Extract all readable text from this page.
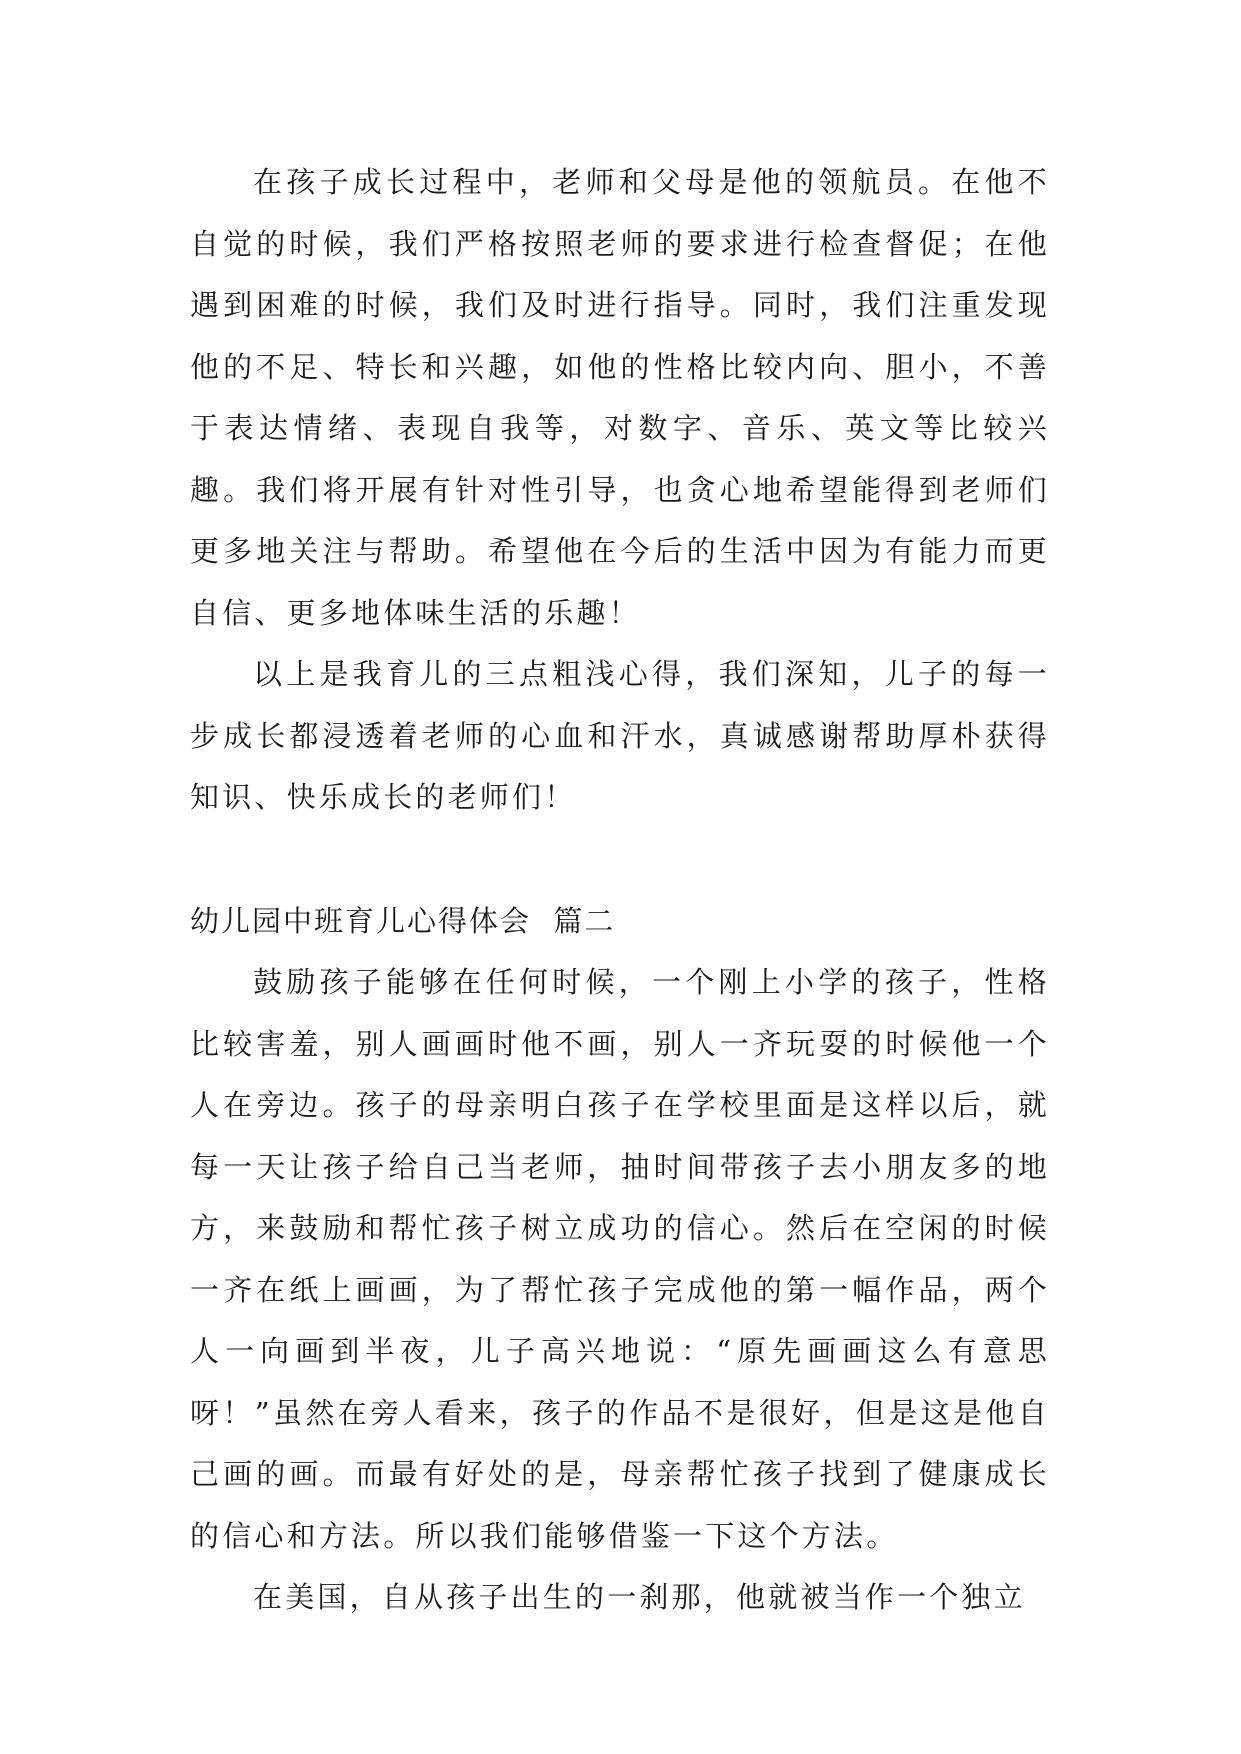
在孩子成长过程中，老师和父母是他的领航员。在他不自觉的时候，我们严格按照老师的要求进行检查督促；在他遇到困难的时候，我们及时进行指导。同时，我们注重发现他的不足、特长和兴趣，如他的性格比较内向、胆小，不善于表达情绪、表现自我等，对数字、音乐、英文等比较兴趣。我们将开展有针对性引导，也贪心地希望能得到老师们更多地关注与帮助。希望他在今后的生活中因为有能力而更自信、更多地体味生活的乐趣！

以上是我育儿的三点粗浅心得，我们深知，儿子的每一步成长都浸透着老师的心血和汗水，真诚感谢帮助厚朴获得知识、快乐成长的老师们！

幼儿园中班育儿心得体会  篇二

鼓励孩子能够在任何时候，一个刚上小学的孩子，性格比较害羞，别人画画时他不画，别人一齐玩耍的时候他一个人在旁边。孩子的母亲明白孩子在学校里面是这样以后，就每一天让孩子给自己当老师，抽时间带孩子去小朋友多的地方，来鼓励和帮忙孩子树立成功的信心。然后在空闲的时候一齐在纸上画画，为了帮忙孩子完成他的第一幅作品，两个人一向画到半夜，儿子高兴地说：“原先画画这么有意思呀！”虽然在旁人看来，孩子的作品不是很好，但是这是他自己画的画。而最有好处的是，母亲帮忙孩子找到了健康成长的信心和方法。所以我们能够借鉴一下这个方法。

在美国，自从孩子出生的一刹那，他就被当作一个独立
